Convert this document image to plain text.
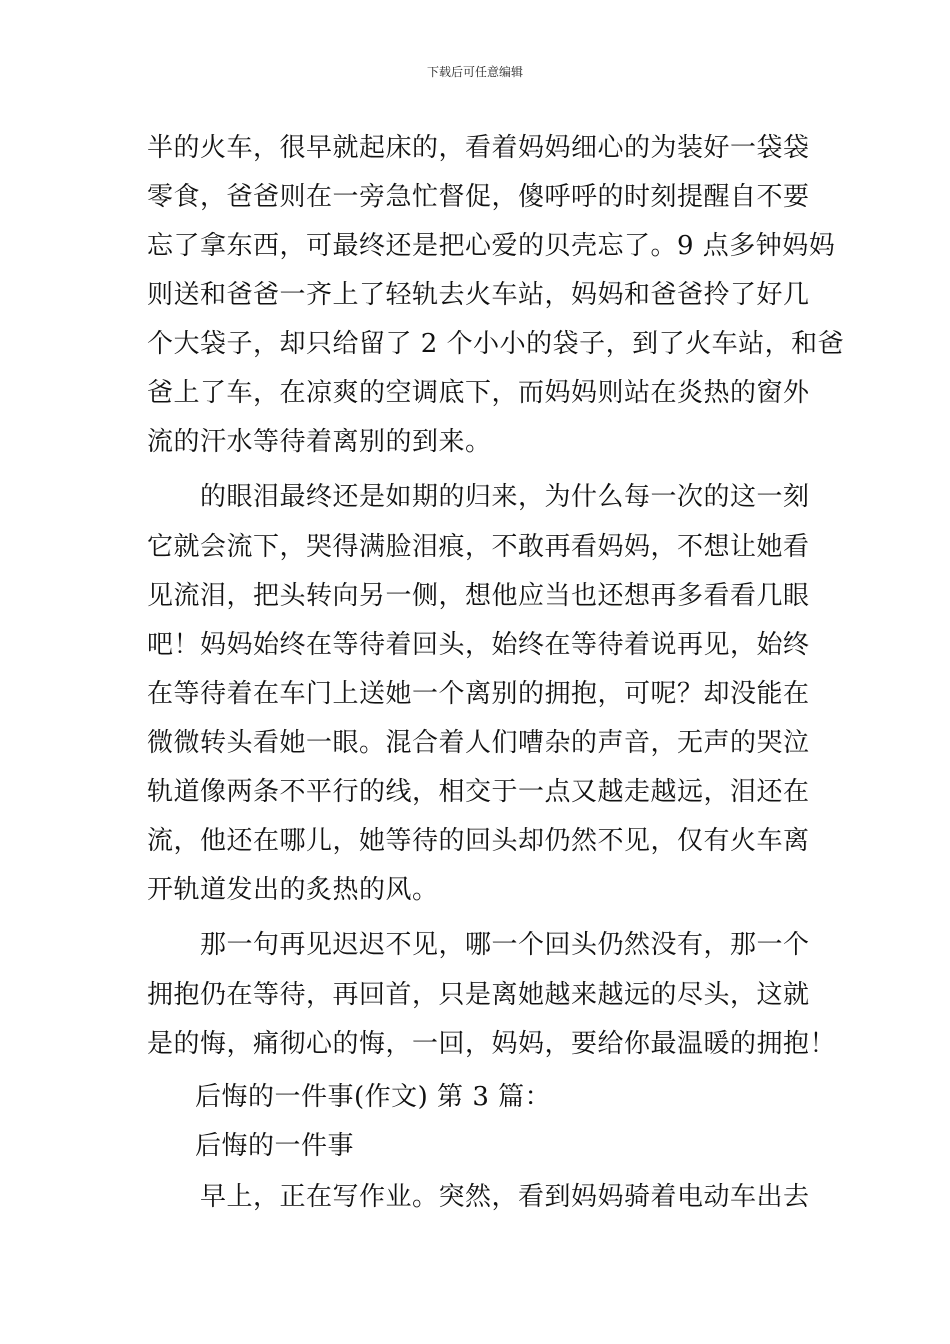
下载后可任意编辑
半的火车，很早就起床的，看着妈妈细心的为装好一袋袋
零食，爸爸则在一旁急忙督促，傻呼呼的时刻提醒自不要
忘了拿东西，可最终还是把心爱的贝壳忘了。9 点多钟妈妈
则送和爸爸一齐上了轻轨去火车站，妈妈和爸爸拎了好几
个大袋子，却只给留了 2 个小小的袋子，到了火车站，和爸
爸上了车，在凉爽的空调底下，而妈妈则站在炎热的窗外
流的汗水等待着离别的到来。
的眼泪最终还是如期的归来，为什么每一次的这一刻
它就会流下，哭得满脸泪痕，不敢再看妈妈，不想让她看
见流泪，把头转向另一侧，想他应当也还想再多看看几眼
吧！妈妈始终在等待着回头，始终在等待着说再见，始终
在等待着在车门上送她一个离别的拥抱，可呢？却没能在
微微转头看她一眼。混合着人们嘈杂的声音，无声的哭泣
轨道像两条不平行的线，相交于一点又越走越远，泪还在
流，他还在哪儿，她等待的回头却仍然不见，仅有火车离
开轨道发出的炙热的风。
那一句再见迟迟不见，哪一个回头仍然没有，那一个
拥抱仍在等待，再回首，只是离她越来越远的尽头，这就
是的悔，痛彻心的悔，一回，妈妈，要给你最温暖的拥抱！
后悔的一件事(作文) 第 3 篇：
后悔的一件事
早上，正在写作业。突然，看到妈妈骑着电动车出去
